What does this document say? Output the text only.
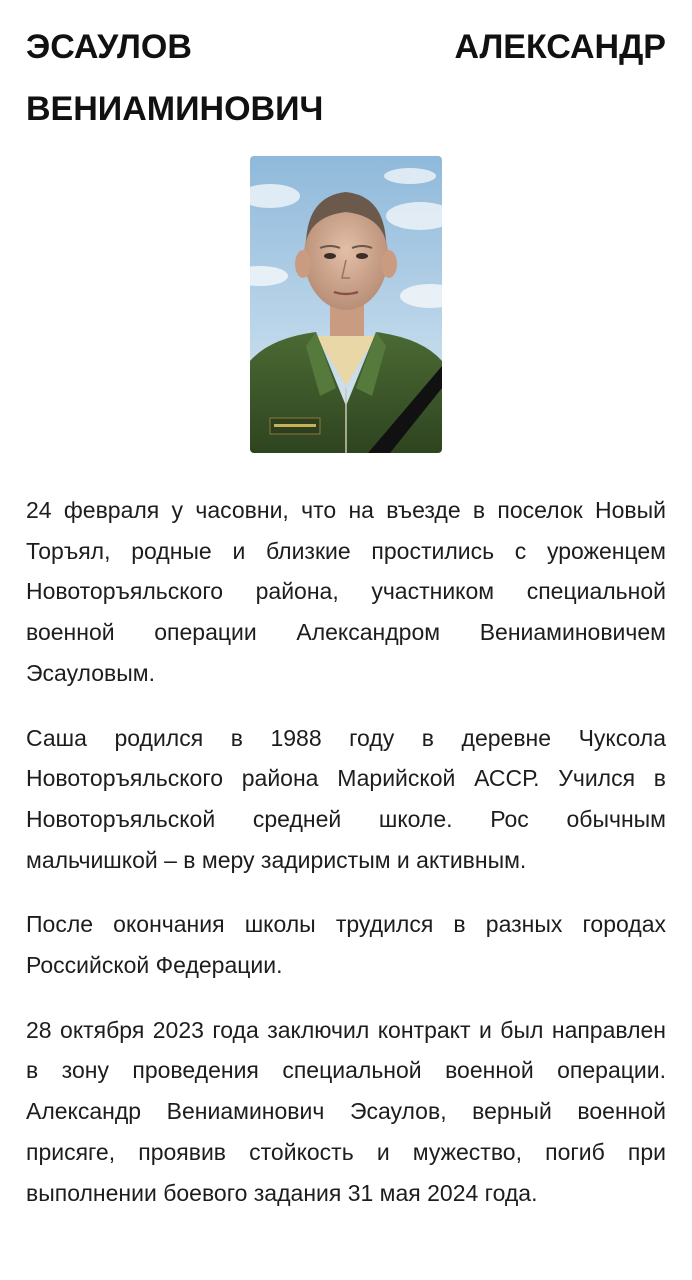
ЭСАУЛОВ	АЛЕКСАНДР
ВЕНИАМИНОВИЧ

24 февраля у часовни, что на въезде в поселок Новый Торъял, родные и близкие простились с уроженцем Новоторъяльского района, участником специальной военной операции Александром Вениаминовичем Эсауловым.

Саша родился в 1988 году в деревне Чуксола Новоторъяльского района Марийской АССР. Учился в Новоторъяльской средней школе. Рос обычным мальчишкой – в меру задиристым и активным.

После окончания школы трудился в разных городах Российской Федерации.

28 октября 2023 года заключил контракт и был направлен в зону проведения специальной военной операции. Александр Вениаминович Эсаулов, верный военной присяге, проявив стойкость и мужество, погиб при выполнении боевого задания 31 мая 2024 года.
